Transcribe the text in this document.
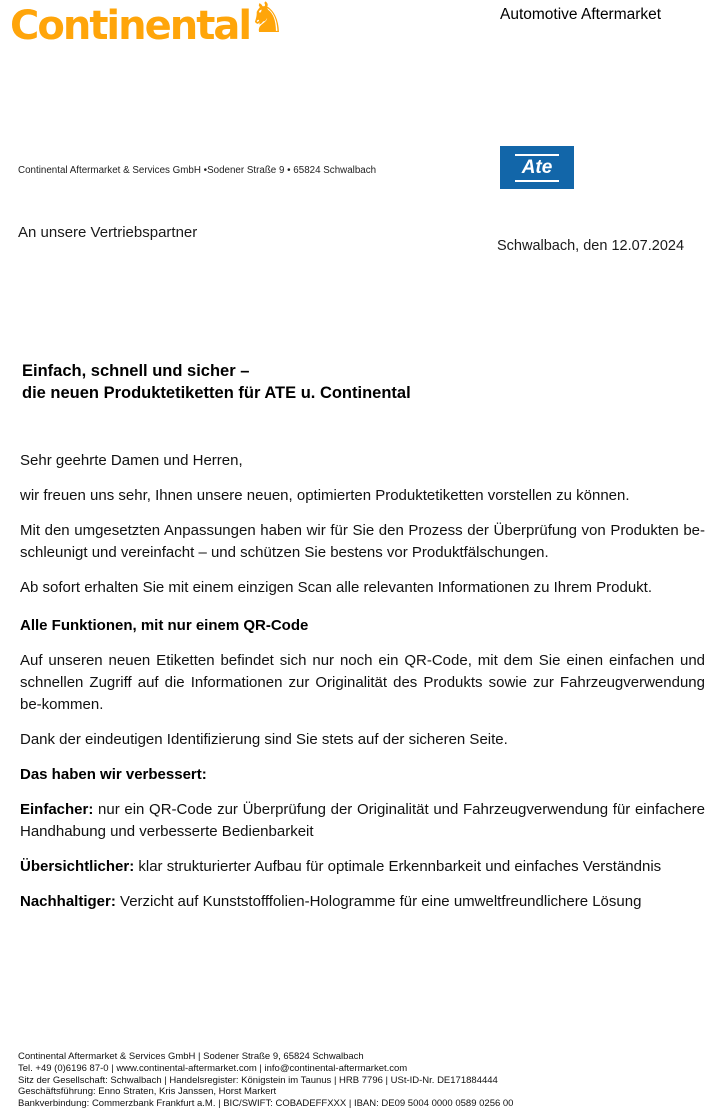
Continental
♞	Automotive Aftermarket
Continental Aftermarket & Services GmbH •Sodener Straße 9 • 65824 Schwalbach	Ate
An unsere Vertriebspartner
Schwalbach, den 12.07.2024
Einfach, schnell und sicher –
die neuen Produktetiketten für ATE u. Continental

Sehr geehrte Damen und Herren,

wir freuen uns sehr, Ihnen unsere neuen, optimierten Produktetiketten vorstellen zu können.

Mit den umgesetzten Anpassungen haben wir für Sie den Prozess der Überprüfung von Produkten be-schleunigt und vereinfacht – und schützen Sie bestens vor Produktfälschungen.

Ab sofort erhalten Sie mit einem einzigen Scan alle relevanten Informationen zu Ihrem Produkt.

Alle Funktionen, mit nur einem QR-Code

Auf unseren neuen Etiketten befindet sich nur noch ein QR-Code, mit dem Sie einen einfachen und schnellen Zugriff auf die Informationen zur Originalität des Produkts sowie zur Fahrzeugverwendung be-kommen.

Dank der eindeutigen Identifizierung sind Sie stets auf der sicheren Seite.

Das haben wir verbessert:

Einfacher: nur ein QR-Code zur Überprüfung der Originalität und Fahrzeugverwendung für einfachere Handhabung und verbesserte Bedienbarkeit

Übersichtlicher: klar strukturierter Aufbau für optimale Erkennbarkeit und einfaches Verständnis

Nachhaltiger: Verzicht auf Kunststofffolien-Hologramme für eine umweltfreundlichere Lösung

Continental Aftermarket & Services GmbH | Sodener Straße 9, 65824 Schwalbach
Tel. +49 (0)6196 87-0 | www.continental-aftermarket.com | info@continental-aftermarket.com
Sitz der Gesellschaft: Schwalbach | Handelsregister: Königstein im Taunus | HRB 7796 | USt-ID-Nr. DE171884444
Geschäftsführung: Enno Straten, Kris Janssen, Horst Markert
Bankverbindung: Commerzbank Frankfurt a.M. | BIC/SWIFT: COBADEFFXXX | IBAN: DE09 5004 0000 0589 0256 00
